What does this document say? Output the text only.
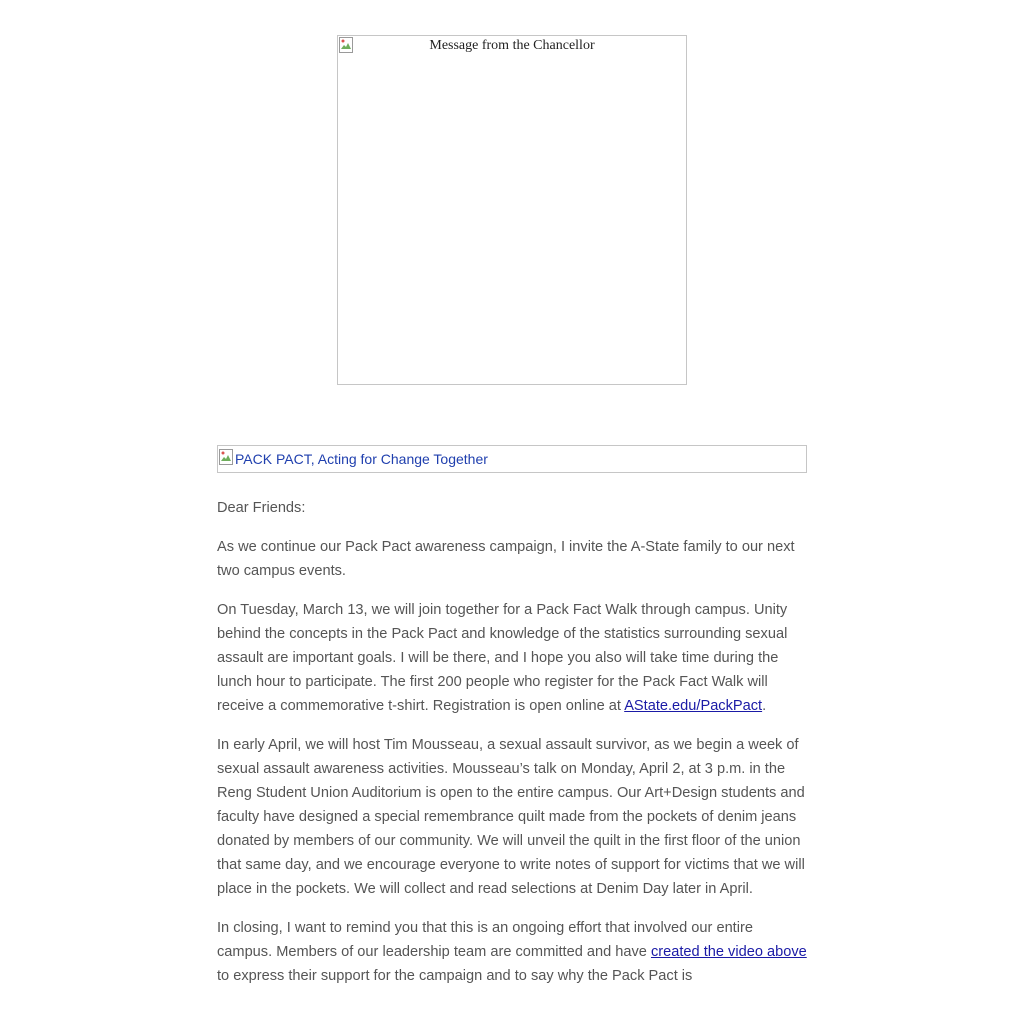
Message from the Chancellor
PACK PACT, Acting for Change Together

Dear Friends:

As we continue our Pack Pact awareness campaign, I invite the A-State family to our next two campus events.

On Tuesday, March 13, we will join together for a Pack Fact Walk through campus. Unity behind the concepts in the Pack Pact and knowledge of the statistics surrounding sexual assault are important goals. I will be there, and I hope you also will take time during the lunch hour to participate. The first 200 people who register for the Pack Fact Walk will receive a commemorative t-shirt. Registration is open online at AState.edu/PackPact.

In early April, we will host Tim Mousseau, a sexual assault survivor, as we begin a week of sexual assault awareness activities. Mousseau’s talk on Monday, April 2, at 3 p.m. in the Reng Student Union Auditorium is open to the entire campus. Our Art+Design students and faculty have designed a special remembrance quilt made from the pockets of denim jeans donated by members of our community. We will unveil the quilt in the first floor of the union that same day, and we encourage everyone to write notes of support for victims that we will place in the pockets. We will collect and read selections at Denim Day later in April.

In closing, I want to remind you that this is an ongoing effort that involved our entire campus. Members of our leadership team are committed and have created the video above to express their support for the campaign and to say why the Pack Pact is
